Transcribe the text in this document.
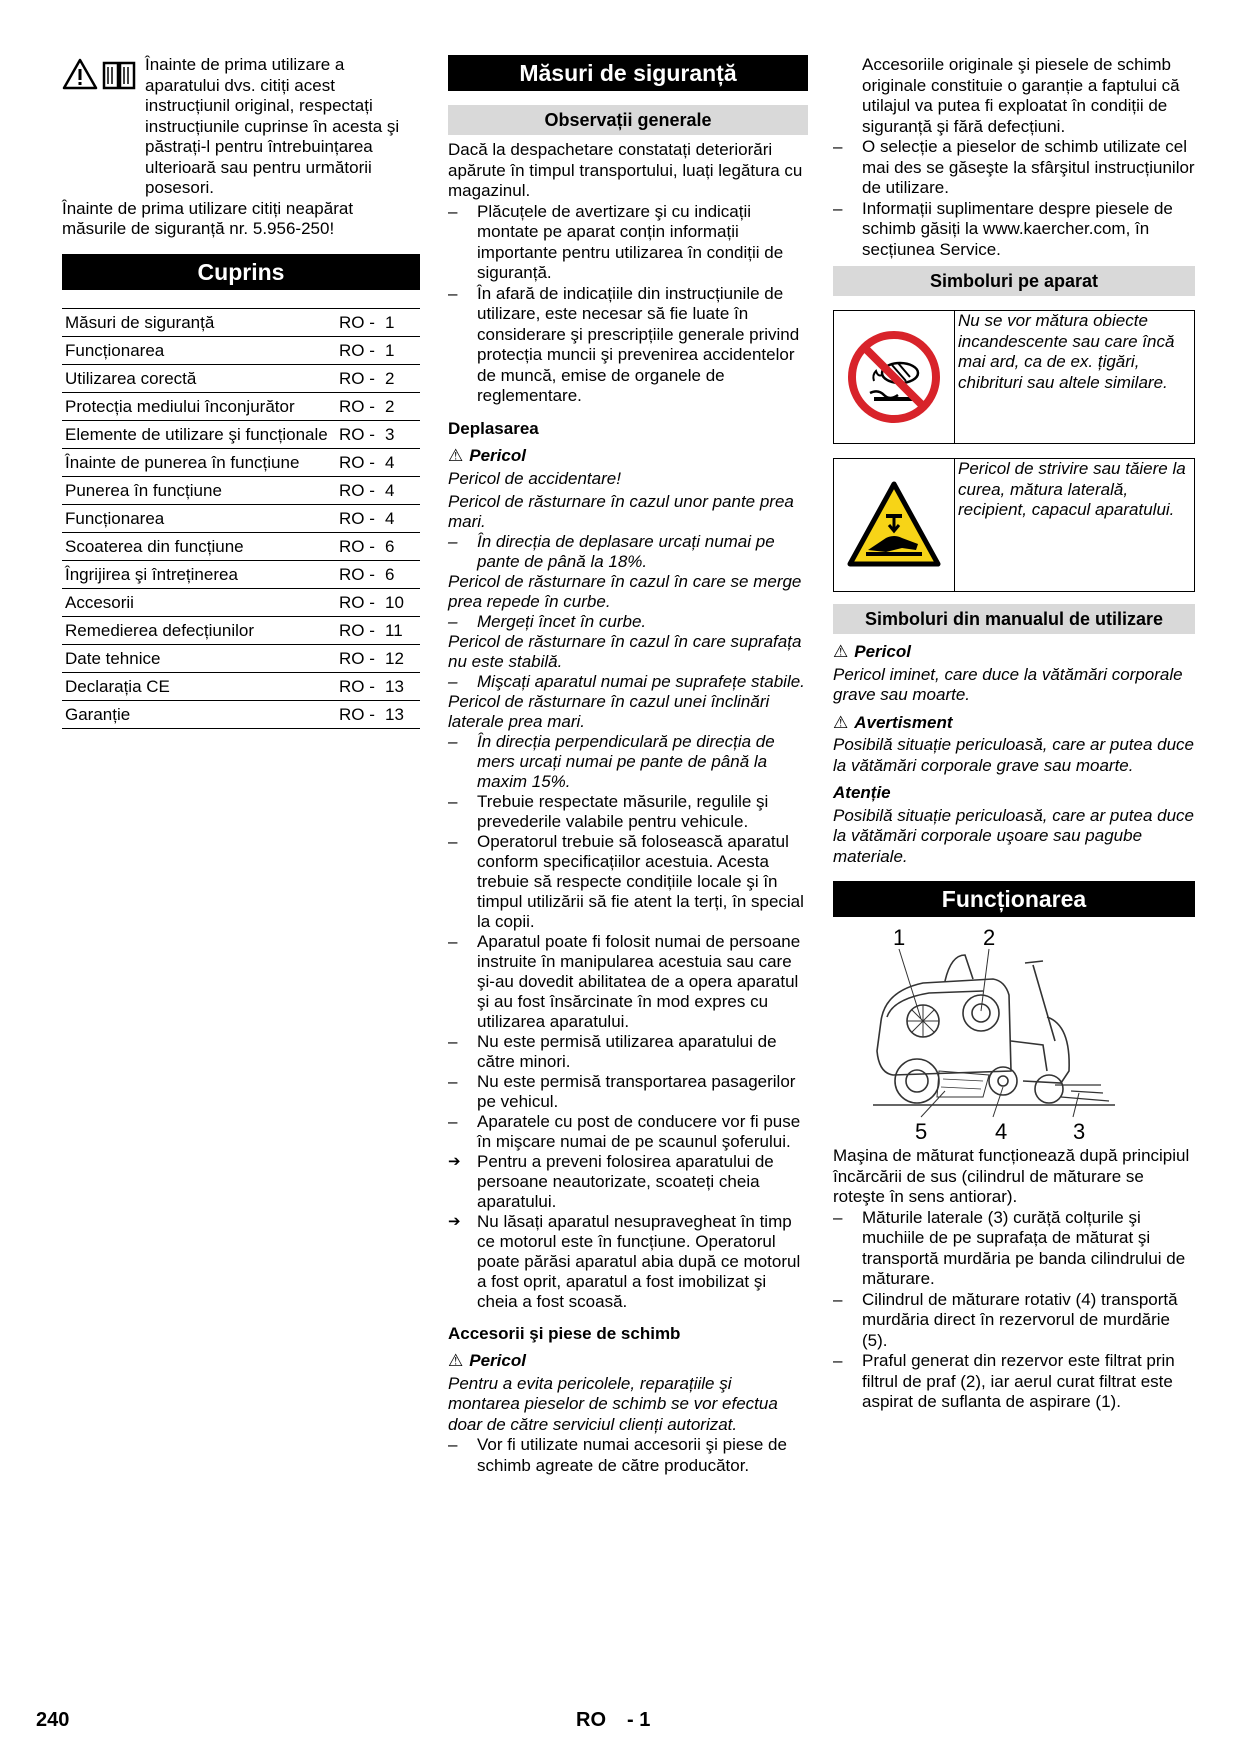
Înainte de prima utilizare a aparatului dvs. citiți acest instrucțiunil original, respectați instrucțiunile cuprinse în acesta şi păstrați-l pentru întrebuințarea ulterioară sau pentru următorii posesori.

Înainte de prima utilizare citiți neapărat măsurile de siguranță nr. 5.956-250!

Cuprins
Măsuri de siguranță	RO -	1
Funcționarea	RO -	1
Utilizarea corectă	RO -	2
Protecția mediului înconjurător	RO -	2
Elemente de utilizare şi funcționale	RO -	3
Înainte de punerea în funcțiune	RO -	4
Punerea în funcțiune	RO -	4
Funcționarea	RO -	4
Scoaterea din funcțiune	RO -	6
Îngrijirea şi întreținerea	RO -	6
Accesorii	RO -	10
Remedierea defecțiunilor	RO -	11
Date tehnice	RO -	12
Declarația CE	RO -	13
Garanție	RO -	13
Măsuri de siguranță
Observații generale

Dacă la despachetare constatați deteriorări apărute în timpul transportului, luați legătura cu magazinul.

– Plăcuțele de avertizare şi cu indicații montate pe aparat conțin informații importante pentru utilizarea în condiții de siguranță.
– În afară de indicațiile din instrucțiunile de utilizare, este necesar să fie luate în considerare şi prescripțiile generale privind protecția muncii şi prevenirea accidentelor de muncă, emise de organele de reglementare.

Deplasarea

⚠ Pericol

Pericol de accidentare!

Pericol de răsturnare în cazul unor pante prea mari.

– În direcția de deplasare urcați numai pe pante de până la 18%.

Pericol de răsturnare în cazul în care se merge prea repede în curbe.

– Mergeți încet în curbe.

Pericol de răsturnare în cazul în care suprafața nu este stabilă.

– Mişcați aparatul numai pe suprafețe stabile.

Pericol de răsturnare în cazul unei înclinări laterale prea mari.

– În direcția perpendiculară pe direcția de mers urcați numai pe pante de până la maxim 15%.
– Trebuie respectate măsurile, regulile şi prevederile valabile pentru vehicule.
– Operatorul trebuie să folosească aparatul conform specificațiilor acestuia. Acesta trebuie să respecte condițiile locale şi în timpul utilizării să fie atent la terți, în special la copii.
– Aparatul poate fi folosit numai de persoane instruite în manipularea acestuia sau care şi-au dovedit abilitatea de a opera aparatul şi au fost însărcinate în mod expres cu utilizarea aparatului.
– Nu este permisă utilizarea aparatului de către minori.
– Nu este permisă transportarea pasagerilor pe vehicul.
– Aparatele cu post de conducere vor fi puse în mişcare numai de pe scaunul şoferului.
➔ Pentru a preveni folosirea aparatului de persoane neautorizate, scoateți cheia aparatului.
➔ Nu lăsați aparatul nesupravegheat în timp ce motorul este în funcțiune. Operatorul poate părăsi aparatul abia după ce motorul a fost oprit, aparatul a fost imobilizat şi cheia a fost scoasă.

Accesorii şi piese de schimb

⚠ Pericol

Pentru a evita pericolele, reparațiile şi montarea pieselor de schimb se vor efectua doar de către serviciul clienți autorizat.

– Vor fi utilizate numai accesorii şi piese de schimb agreate de către producător.

Accesoriile originale şi piesele de schimb originale constituie o garanție a faptului că utilajul va putea fi exploatat în condiții de siguranță şi fără defecțiuni.

– O selecție a pieselor de schimb utilizate cel mai des se găseşte la sfârşitul instrucțiunilor de utilizare.
– Informații suplimentare despre piesele de schimb găsiți la www.kaercher.com, în secțiunea Service.
Simboluri pe aparat

Nu se vor mătura obiecte incandescente sau care încă mai ard, ca de ex. țigări, chibrituri sau altele similare.

Pericol de strivire sau tăiere la curea, mătura laterală, recipient, capacul aparatului.

Simboluri din manualul de utilizare

⚠ Pericol

Pericol iminet, care duce la vătămări corporale grave sau moarte.

⚠ Avertisment

Posibilă situație periculoasă, care ar putea duce la vătămări corporale grave sau moarte.

Atenție

Posibilă situație periculoasă, care ar putea duce la vătămări corporale uşoare sau pagube materiale.

Funcționarea
1	2
5	4	3

Maşina de măturat funcționează după principiul încărcării de sus (cilindrul de măturare se roteşte în sens antiorar).

– Măturile laterale (3) curăță colțurile şi muchiile de pe suprafața de măturat şi transportă murdăria pe banda cilindrului de măturare.
– Cilindrul de măturare rotativ (4) transportă murdăria direct în rezervorul de murdărie (5).
– Praful generat din rezervor este filtrat prin filtrul de praf (2), iar aerul curat filtrat este aspirat de suflanta de aspirare (1).
240	RO - 1
